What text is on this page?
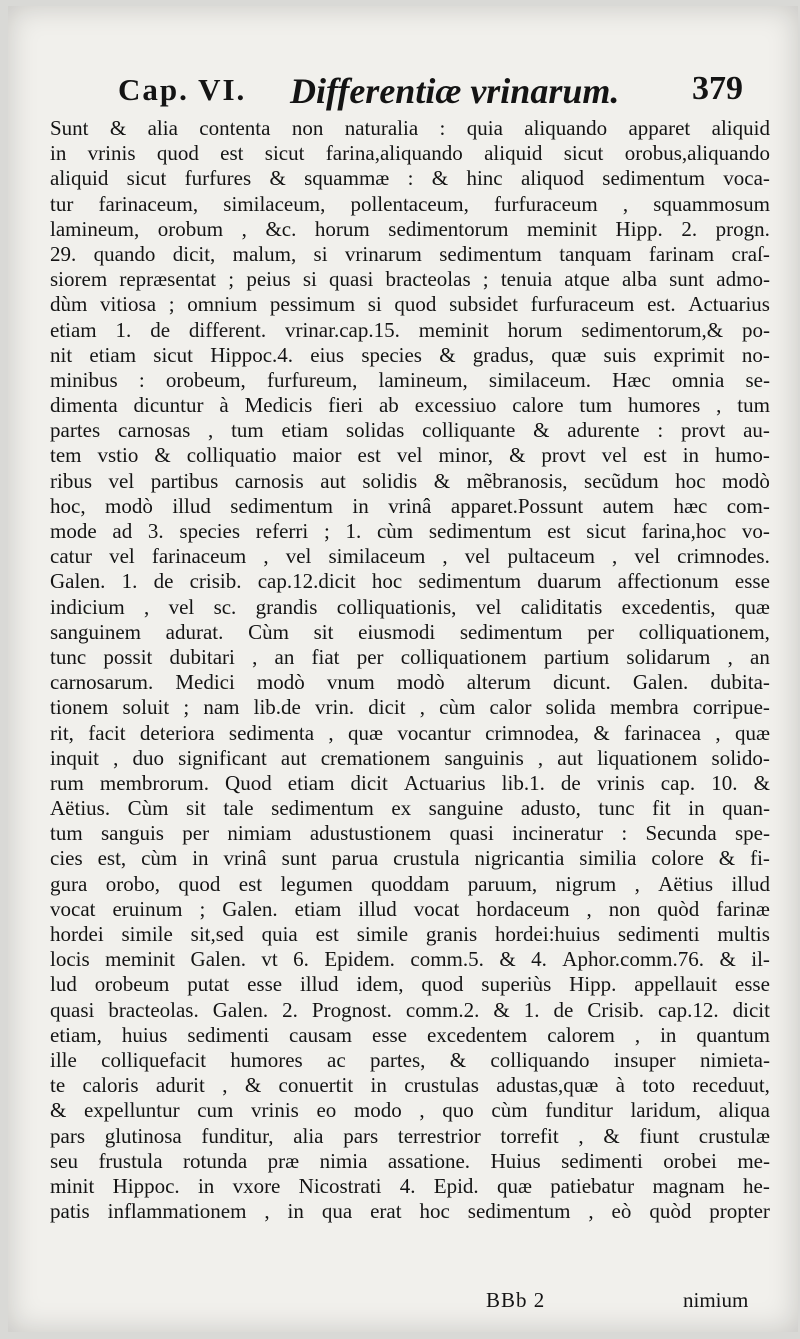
Cap. VI. Differentiæ vrinarum. 379
Sunt & alia contenta non naturalia : quia aliquando apparet aliquid
in vrinis quod est sicut farina,aliquando aliquid sicut orobus,aliquando
aliquid sicut furfures & squammæ : & hinc aliquod sedimentum voca-
tur farinaceum, similaceum, pollentaceum, furfuraceum , squammosum
lamineum, orobum , &c. horum sedimentorum meminit Hipp. 2. progn.
29. quando dicit, malum, si vrinarum sedimentum tanquam farinam craſ-
siorem repræsentat ; peius si quasi bracteolas ; tenuia atque alba sunt admo-
dùm vitiosa ; omnium pessimum si quod subsidet furfuraceum est. Actuarius
etiam 1. de different. vrinar.cap.15. meminit horum sedimentorum,& po-
nit etiam sicut Hippoc.4. eius species & gradus, quæ suis exprimit no-
minibus : orobeum, furfureum, lamineum, similaceum. Hæc omnia se-
dimenta dicuntur à Medicis fieri ab excessiuo calore tum humores , tum
partes carnosas , tum etiam solidas colliquante & adurente : provt au-
tem vstio & colliquatio maior est vel minor, & provt vel est in humo-
ribus vel partibus carnosis aut solidis & mẽbranosis, secũdum hoc modò
hoc, modò illud sedimentum in vrinâ apparet.Possunt autem hæc com-
mode ad 3. species referri ; 1. cùm sedimentum est sicut farina,hoc vo-
catur vel farinaceum , vel similaceum , vel pultaceum , vel crimnodes.
Galen. 1. de crisib. cap.12.dicit hoc sedimentum duarum affectionum esse
indicium , vel sc. grandis colliquationis, vel caliditatis excedentis, quæ
sanguinem adurat. Cùm sit eiusmodi sedimentum per colliquationem,
tunc possit dubitari , an fiat per colliquationem partium solidarum , an
carnosarum. Medici modò vnum modò alterum dicunt. Galen. dubita-
tionem soluit ; nam lib.de vrin. dicit , cùm calor solida membra corripue-
rit, facit deteriora sedimenta , quæ vocantur crimnodea, & farinacea , quæ
inquit , duo significant aut cremationem sanguinis , aut liquationem solido-
rum membrorum. Quod etiam dicit Actuarius lib.1. de vrinis cap. 10. &
Aëtius. Cùm sit tale sedimentum ex sanguine adusto, tunc fit in quan-
tum sanguis per nimiam adustustionem quasi incineratur : Secunda spe-
cies est, cùm in vrinâ sunt parua crustula nigricantia similia colore & fi-
gura orobo, quod est legumen quoddam paruum, nigrum , Aëtius illud
vocat eruinum ; Galen. etiam illud vocat hordaceum , non quòd farinæ
hordei simile sit,sed quia est simile granis hordei:huius sedimenti multis
locis meminit Galen. vt 6. Epidem. comm.5. & 4. Aphor.comm.76. & il-
lud orobeum putat esse illud idem, quod superiùs Hipp. appellauit esse
quasi bracteolas. Galen. 2. Prognost. comm.2. & 1. de Crisib. cap.12. dicit
etiam, huius sedimenti causam esse excedentem calorem , in quantum
ille colliquefacit humores ac partes, & colliquando insuper nimieta-
te caloris adurit , & conuertit in crustulas adustas,quæ à toto receduut,
& expelluntur cum vrinis eo modo , quo cùm funditur laridum, aliqua
pars glutinosa funditur, alia pars terrestrior torrefit , & fiunt crustulæ
seu frustula rotunda præ nimia assatione. Huius sedimenti orobei me-
minit Hippoc. in vxore Nicostrati 4. Epid. quæ patiebatur magnam he-
patis inflammationem , in qua erat hoc sedimentum , eò quòd propter
BBb 2	nimium
